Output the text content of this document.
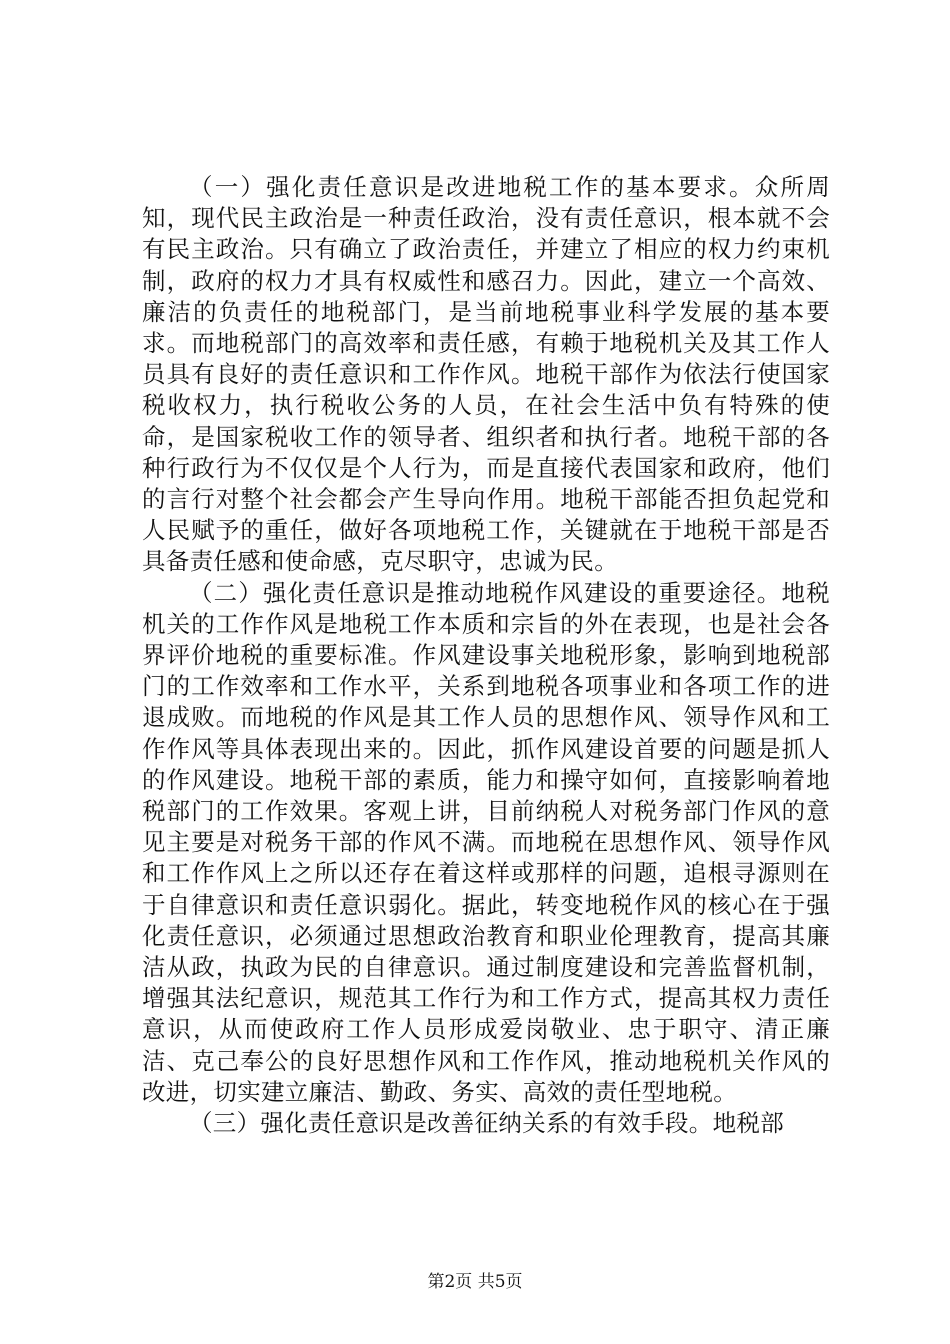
（一）强化责任意识是改进地税工作的基本要求。众所周知，现代民主政治是一种责任政治，没有责任意识，根本就不会有民主政治。只有确立了政治责任，并建立了相应的权力约束机制，政府的权力才具有权威性和感召力。因此，建立一个高效、廉洁的负责任的地税部门，是当前地税事业科学发展的基本要求。而地税部门的高效率和责任感，有赖于地税机关及其工作人员具有良好的责任意识和工作作风。地税干部作为依法行使国家税收权力，执行税收公务的人员，在社会生活中负有特殊的使命，是国家税收工作的领导者、组织者和执行者。地税干部的各种行政行为不仅仅是个人行为，而是直接代表国家和政府，他们的言行对整个社会都会产生导向作用。地税干部能否担负起党和人民赋予的重任，做好各项地税工作，关键就在于地税干部是否具备责任感和使命感，克尽职守，忠诚为民。

（二）强化责任意识是推动地税作风建设的重要途径。地税机关的工作作风是地税工作本质和宗旨的外在表现，也是社会各界评价地税的重要标准。作风建设事关地税形象，影响到地税部门的工作效率和工作水平，关系到地税各项事业和各项工作的进退成败。而地税的作风是其工作人员的思想作风、领导作风和工作作风等具体表现出来的。因此，抓作风建设首要的问题是抓人的作风建设。地税干部的素质，能力和操守如何，直接影响着地税部门的工作效果。客观上讲，目前纳税人对税务部门作风的意见主要是对税务干部的作风不满。而地税在思想作风、领导作风和工作作风上之所以还存在着这样或那样的问题，追根寻源则在于自律意识和责任意识弱化。据此，转变地税作风的核心在于强化责任意识，必须通过思想政治教育和职业伦理教育，提高其廉洁从政，执政为民的自律意识。通过制度建设和完善监督机制，增强其法纪意识，规范其工作行为和工作方式，提高其权力责任意识，从而使政府工作人员形成爱岗敬业、忠于职守、清正廉洁、克己奉公的良好思想作风和工作作风，推动地税机关作风的改进，切实建立廉洁、勤政、务实、高效的责任型地税。

（三）强化责任意识是改善征纳关系的有效手段。地税部

第2页 共5页
